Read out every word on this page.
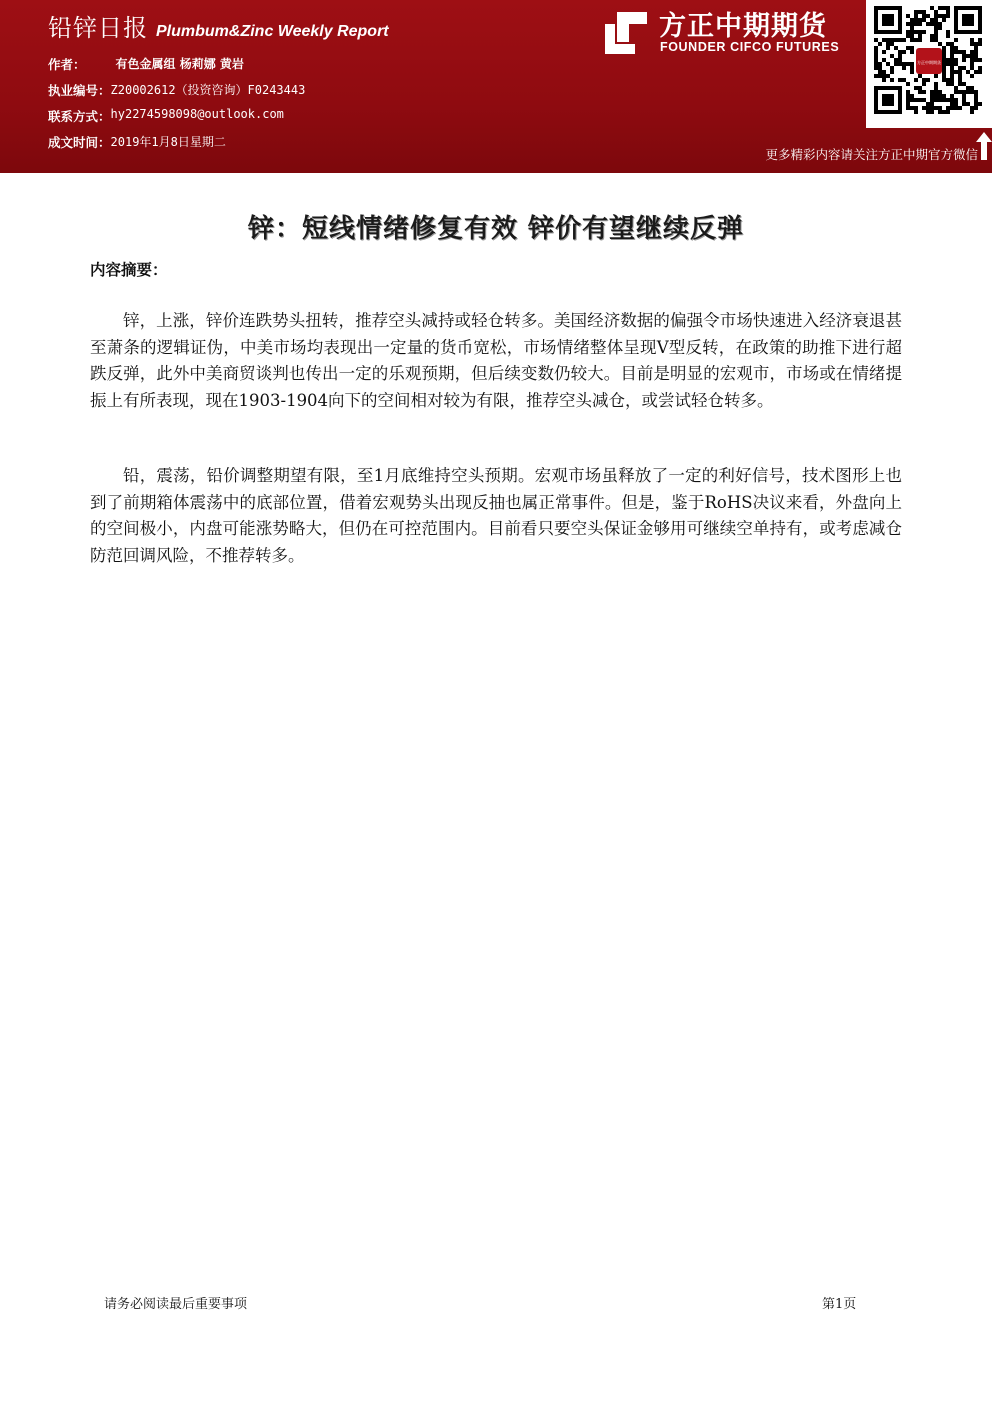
铅锌日报 Plumbum&Zinc Weekly Report
作者：	有色金属组 杨莉娜 黄岩
执业编号： Z20002612（投资咨询）F0243443
联系方式： hy2274598098@outlook.com
成文时间： 2019年1月8日星期二
方正中期期货
FOUNDER CIFCO FUTURES
方正中期期货
更多精彩内容请关注方正中期官方微信
锌：短线情绪修复有效 锌价有望继续反弹
内容摘要：

锌，上涨，锌价连跌势头扭转，推荐空头减持或轻仓转多。美国经济数据的偏强令市场快速进入经济衰退甚至萧条的逻辑证伪，中美市场均表现出一定量的货币宽松，市场情绪整体呈现V型反转，在政策的助推下进行超跌反弹，此外中美商贸谈判也传出一定的乐观预期，但后续变数仍较大。目前是明显的宏观市，市场或在情绪提振上有所表现，现在1903-1904向下的空间相对较为有限，推荐空头减仓，或尝试轻仓转多。

铅，震荡，铅价调整期望有限，至1月底维持空头预期。宏观市场虽释放了一定的利好信号，技术图形上也到了前期箱体震荡中的底部位置，借着宏观势头出现反抽也属正常事件。但是，鉴于RoHS决议来看，外盘向上的空间极小，内盘可能涨势略大，但仍在可控范围内。目前看只要空头保证金够用可继续空单持有，或考虑减仓防范回调风险，不推荐转多。

请务必阅读最后重要事项	第1页
